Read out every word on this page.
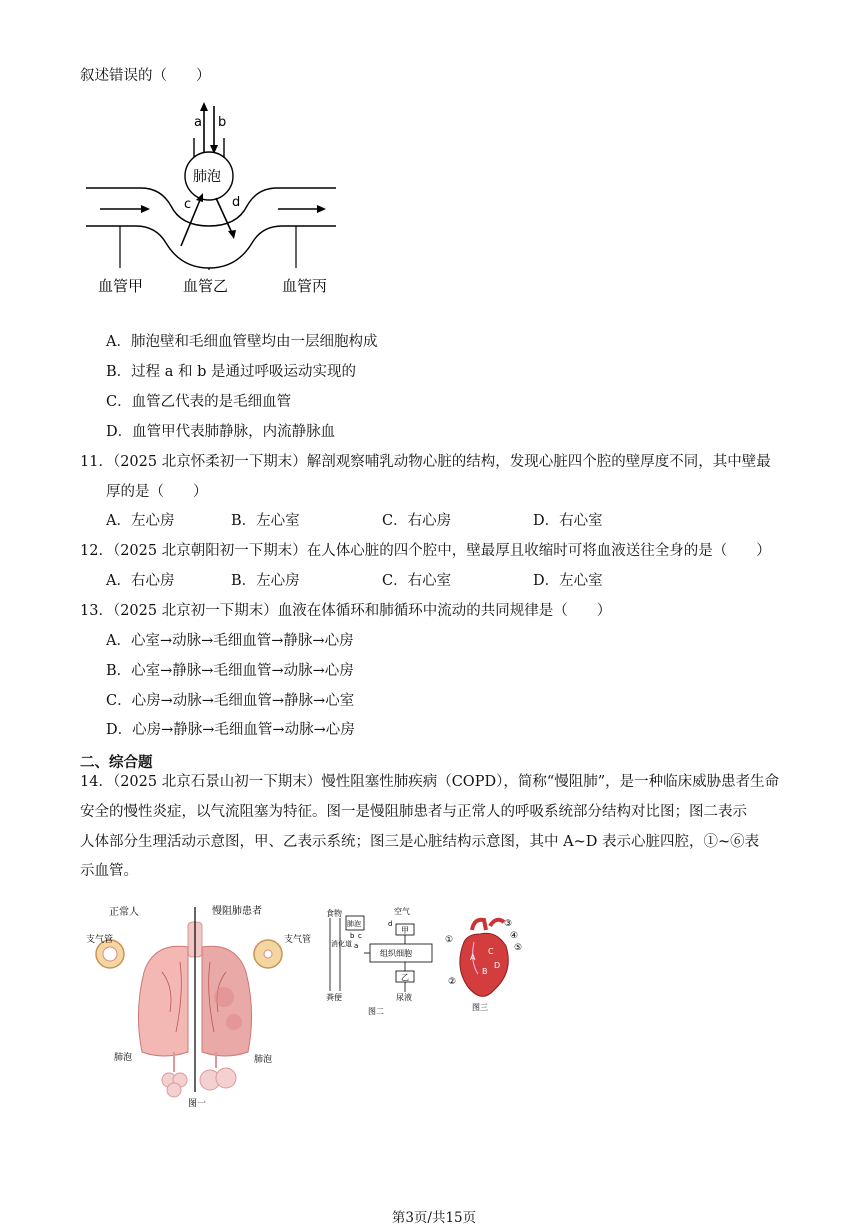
叙述错误的（　　）
a b
肺泡
c	d
血管甲	血管乙	血管丙
A．肺泡壁和毛细血管壁均由一层细胞构成
B．过程 a 和 b 是通过呼吸运动实现的
C．血管乙代表的是毛细血管
D．血管甲代表肺静脉，内流静脉血
11．（2025 北京怀柔初一下期末）解剖观察哺乳动物心脏的结构，发现心脏四个腔的壁厚度不同，其中壁最
厚的是（　　）
A．左心房	B．左心室	C．右心房	D．右心室
12．（2025 北京朝阳初一下期末）在人体心脏的四个腔中，壁最厚且收缩时可将血液送往全身的是（　　）
A．右心房	B．左心房	C．右心室	D．左心室
13．（2025 北京初一下期末）血液在体循环和肺循环中流动的共同规律是（　　）
A．心室→动脉→毛细血管→静脉→心房
B．心室→静脉→毛细血管→动脉→心房
C．心房→动脉→毛细血管→静脉→心室
D．心房→静脉→毛细血管→动脉→心房
二、综合题
14．（2025 北京石景山初一下期末）慢性阻塞性肺疾病（COPD），简称“慢阻肺”，是一种临床威胁患者生命
安全的慢性炎症，以气流阻塞为特征。图一是慢阻肺患者与正常人的呼吸系统部分结构对比图；图二表示
人体部分生理活动示意图，甲、乙表示系统；图三是心脏结构示意图，其中 A~D 表示心脏四腔，①~⑥表
示血管。
正常人	慢阻肺患者
支气管	支气管
肺泡	肺泡
图一
食物
肺泡
空气
甲
组织细胞
乙
尿液
消化道
粪便
b c
a
d
图二
①
②
③
④
⑤
A
B
C
D
图三
第3页/共15页
